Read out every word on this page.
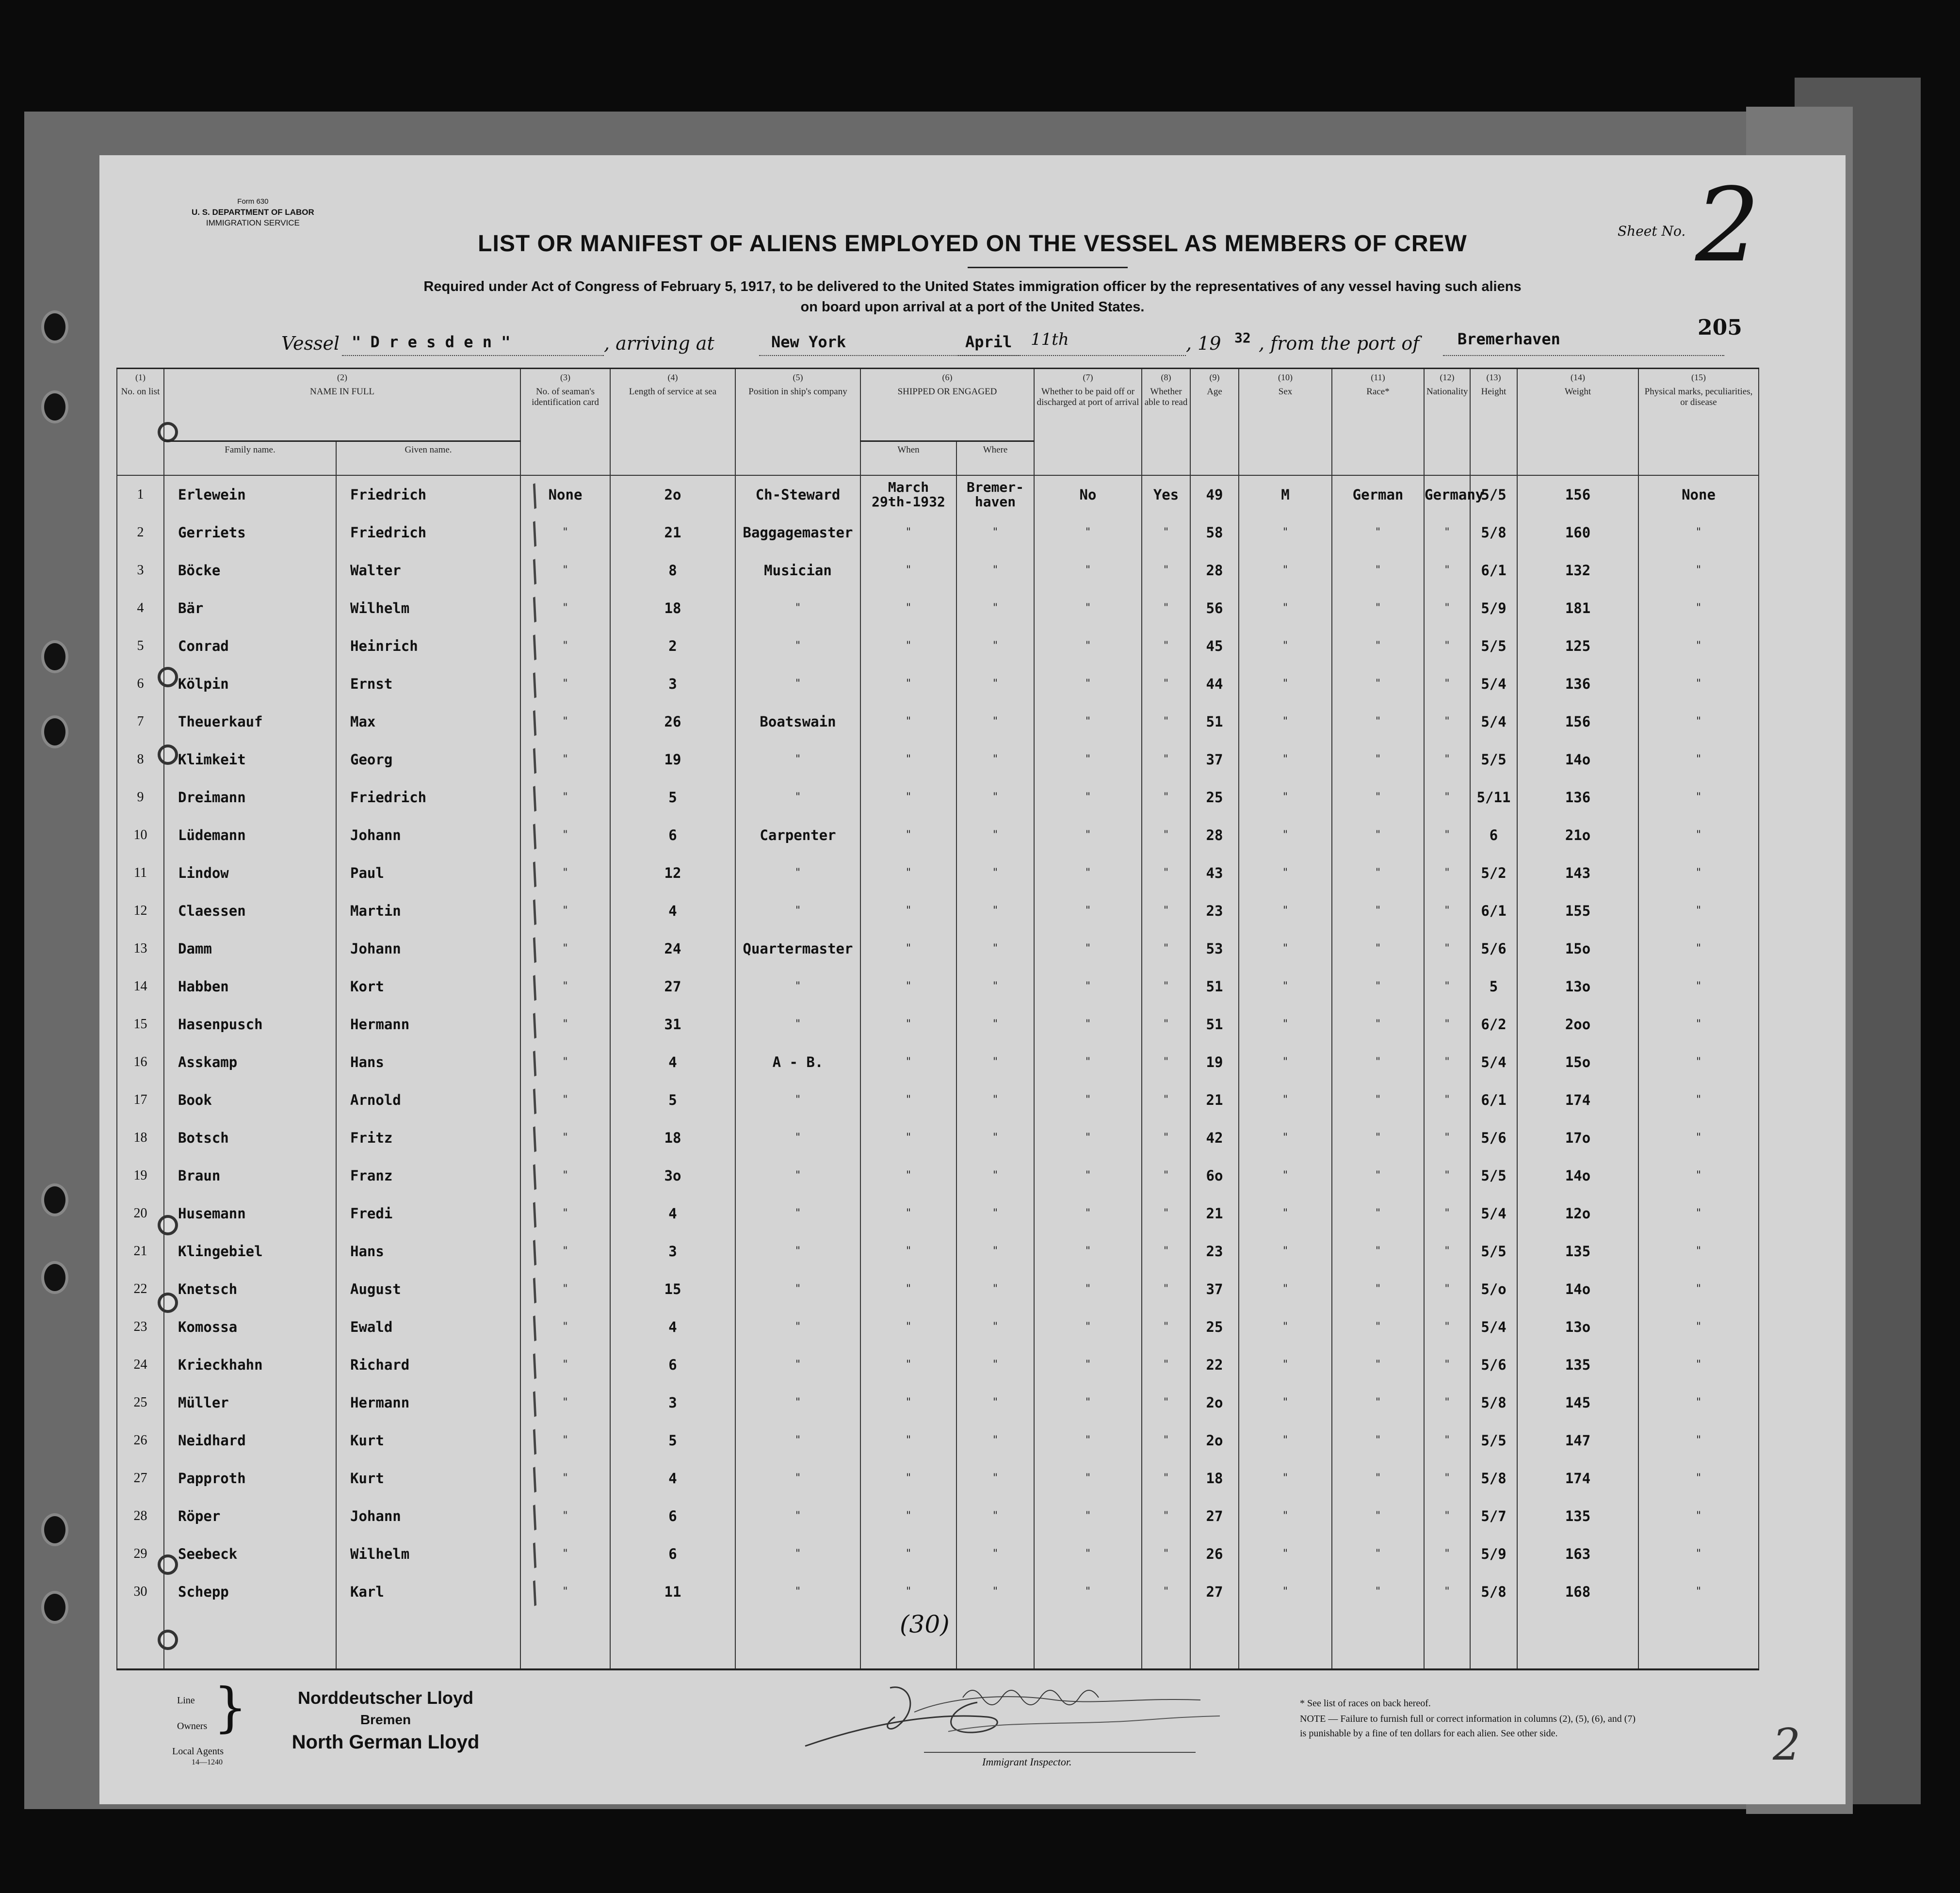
Form 630
U. S. DEPARTMENT OF LABOR
IMMIGRATION SERVICE
LIST OR MANIFEST OF ALIENS EMPLOYED ON THE VESSEL AS MEMBERS OF CREW
Required under Act of Congress of February 5, 1917, to be delivered to the United States immigration officer by the representatives of any vessel having such aliens
on board upon arrival at a port of the United States.
Sheet No. 2
205
Vessel " D r e s d e n "	, arriving at	New York	April 11th	, 19 32 , from the port of Bremerhaven
(1)
No. on list	(2)
NAME IN FULL		(3)
No. of seaman's identification card	(4)
Length of service at sea	(5)
Position in ship's company	(6)
SHIPPED OR ENGAGED		(7)
Whether to be paid off or discharged at port of arrival	(8)
Whether able to read	(9)
Age	(10)
Sex	(11)
Race*	(12)
Nationality	(13)
Height	(14)
Weight	(15)
Physical marks, peculiarities, or disease	
	Family name.	Given name.				When	Where										
1	Erlewein	Friedrich /	None	2o	Ch-Steward	March
29th-1932	Bremer-
haven	No	Yes	49	M	German	Germany	5/5	156	None	
2	Gerriets	Friedrich /	"	21	Baggagemaster	"	"	"	"	58	"	"	"	5/8	160	"	
3	Böcke	Walter /	"	8	Musician	"	"	"	"	28	"	"	"	6/1	132	"	
4	Bär	Wilhelm /	"	18	"	"	"	"	"	56	"	"	"	5/9	181	"	
5	Conrad	Heinrich /	"	2	"	"	"	"	"	45	"	"	"	5/5	125	"	
6	Kölpin	Ernst /	"	3	"	"	"	"	"	44	"	"	"	5/4	136	"	
7	Theuerkauf	Max /	"	26	Boatswain	"	"	"	"	51	"	"	"	5/4	156	"	
8	Klimkeit	Georg /	"	19	"	"	"	"	"	37	"	"	"	5/5	14o	"	
9	Dreimann	Friedrich /	"	5	"	"	"	"	"	25	"	"	"	5/11	136	"	
10	Lüdemann	Johann /	"	6	Carpenter	"	"	"	"	28	"	"	"	6	21o	"	
11	Lindow	Paul /	"	12	"	"	"	"	"	43	"	"	"	5/2	143	"	
12	Claessen	Martin /	"	4	"	"	"	"	"	23	"	"	"	6/1	155	"	
13	Damm	Johann /	"	24	Quartermaster	"	"	"	"	53	"	"	"	5/6	15o	"	
14	Habben	Kort /	"	27	"	"	"	"	"	51	"	"	"	5	13o	"	
15	Hasenpusch	Hermann /	"	31	"	"	"	"	"	51	"	"	"	6/2	2oo	"	
16	Asskamp	Hans /	"	4	A - B.	"	"	"	"	19	"	"	"	5/4	15o	"	
17	Book	Arnold /	"	5	"	"	"	"	"	21	"	"	"	6/1	174	"	
18	Botsch	Fritz /	"	18	"	"	"	"	"	42	"	"	"	5/6	17o	"	
19	Braun	Franz /	"	3o	"	"	"	"	"	6o	"	"	"	5/5	14o	"	
20	Husemann	Fredi /	"	4	"	"	"	"	"	21	"	"	"	5/4	12o	"	
21	Klingebiel	Hans /	"	3	"	"	"	"	"	23	"	"	"	5/5	135	"	
22	Knetsch	August /	"	15	"	"	"	"	"	37	"	"	"	5/o	14o	"	
23	Komossa	Ewald /	"	4	"	"	"	"	"	25	"	"	"	5/4	13o	"	
24	Krieckhahn	Richard /	"	6	"	"	"	"	"	22	"	"	"	5/6	135	"	
25	Müller	Hermann /	"	3	"	"	"	"	"	2o	"	"	"	5/8	145	"	
26	Neidhard	Kurt /	"	5	"	"	"	"	"	2o	"	"	"	5/5	147	"	
27	Papproth	Kurt /	"	4	"	"	"	"	"	18	"	"	"	5/8	174	"	
28	Röper	Johann /	"	6	"	"	"	"	"	27	"	"	"	5/7	135	"	
29	Seebeck	Wilhelm /	"	6	"	"	"	"	"	26	"	"	"	5/9	163	"	
30	Schepp	Karl /	"	11	"	"	"	"	"	27	"	"	"	5/8	168	"	

(30)
Line
Owners
Local Agents
14—1240
}	Norddeutscher Lloyd
Bremen
North German Lloyd
Immigrant Inspector.
* See list of races on back hereof.
NOTE — Failure to furnish full or correct information in columns (2), (5), (6), and (7)
is punishable by a fine of ten dollars for each alien. See other side.	2
